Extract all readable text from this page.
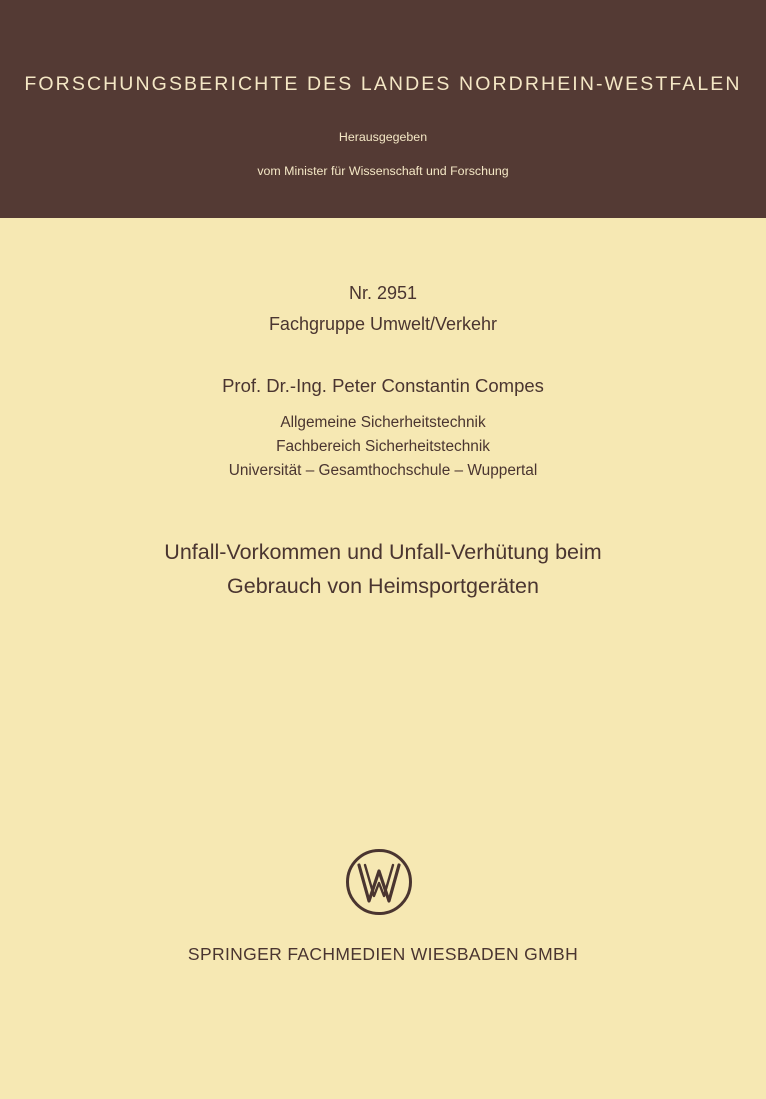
FORSCHUNGSBERICHTE DES LANDES NORDRHEIN-WESTFALEN
Herausgegeben
vom Minister für Wissenschaft und Forschung
Nr. 2951
Fachgruppe Umwelt/Verkehr
Prof. Dr.-Ing. Peter Constantin Compes
Allgemeine Sicherheitstechnik
Fachbereich Sicherheitstechnik
Universität – Gesamthochschule – Wuppertal
Unfall-Vorkommen und Unfall-Verhütung beim
Gebrauch von Heimsportgeräten
SPRINGER FACHMEDIEN WIESBADEN GMBH
